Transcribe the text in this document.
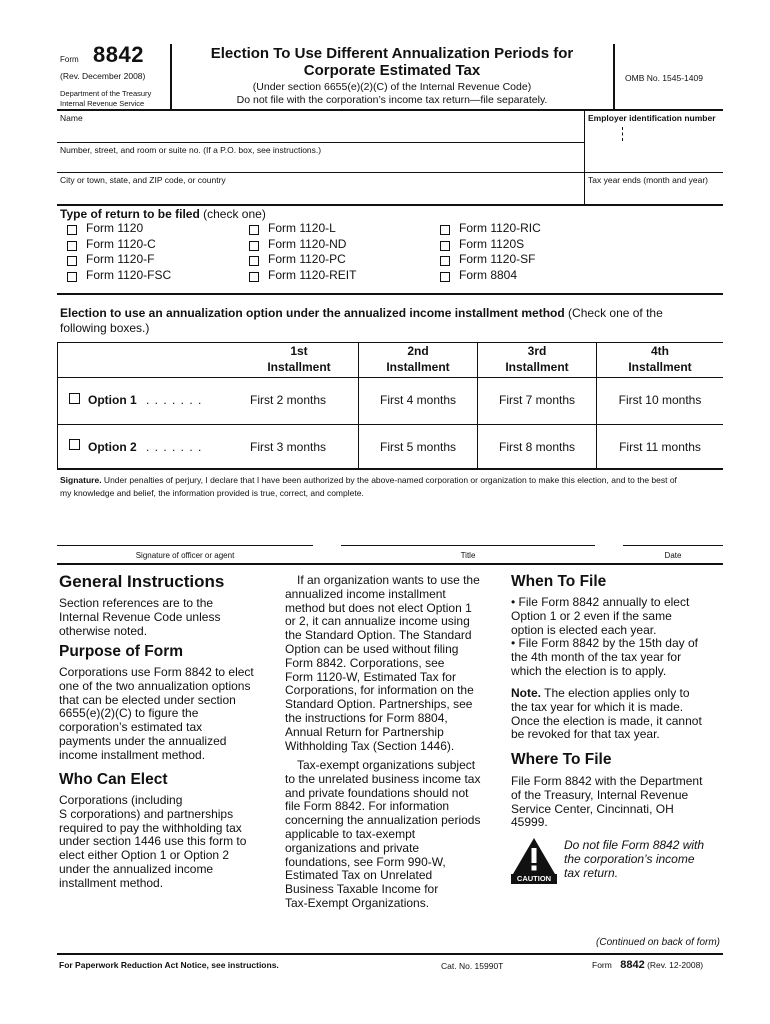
Form 8842
(Rev. December 2008)
Department of the Treasury
Internal Revenue Service
Election To Use Different Annualization Periods for
Corporate Estimated Tax
(Under section 6655(e)(2)(C) of the Internal Revenue Code)
Do not file with the corporation’s income tax return—file separately.
OMB No. 1545-1409
Name	Employer identification number
Number, street, and room or suite no. (If a P.O. box, see instructions.)
City or town, state, and ZIP code, or country	Tax year ends (month and year)
Type of return to be filed (check one)
Form 1120
Form 1120-C
Form 1120-F
Form 1120-FSC
Form 1120-L
Form 1120-ND
Form 1120-PC
Form 1120-REIT
Form 1120-RIC
Form 1120S
Form 1120-SF
Form 8804
Election to use an annualization option under the annualized income installment method (Check one of the
following boxes.)
1st
Installment
2nd
Installment
3rd
Installment
4th
Installment
Option 1 . . . . . . .	First 2 months	First 4 months	First 7 months	First 10 months
Option 2 . . . . . . .	First 3 months	First 5 months	First 8 months	First 11 months
Signature. Under penalties of perjury, I declare that I have been authorized by the above-named corporation or organization to make this election, and to the best of
my knowledge and belief, the information provided is true, correct, and complete.
Signature of officer or agent	Title	Date
General Instructions
Section references are to the
Internal Revenue Code unless
otherwise noted.
Purpose of Form
Corporations use Form 8842 to elect
one of the two annualization options
that can be elected under section
6655(e)(2)(C) to figure the
corporation’s estimated tax
payments under the annualized
income installment method.
Who Can Elect
Corporations (including
S corporations) and partnerships
required to pay the withholding tax
under section 1446 use this form to
elect either Option 1 or Option 2
under the annualized income
installment method.
If an organization wants to use the
annualized income installment
method but does not elect Option 1
or 2, it can annualize income using
the Standard Option. The Standard
Option can be used without filing
Form 8842. Corporations, see
Form 1120-W, Estimated Tax for
Corporations, for information on the
Standard Option. Partnerships, see
the instructions for Form 8804,
Annual Return for Partnership
Withholding Tax (Section 1446).
Tax-exempt organizations subject
to the unrelated business income tax
and private foundations should not
file Form 8842. For information
concerning the annualization periods
applicable to tax-exempt
organizations and private
foundations, see Form 990-W,
Estimated Tax on Unrelated
Business Taxable Income for
Tax-Exempt Organizations.
When To File
• File Form 8842 annually to elect
Option 1 or 2 even if the same
option is elected each year.
• File Form 8842 by the 15th day of
the 4th month of the tax year for
which the election is to apply.
Note. The election applies only to
the tax year for which it is made.
Once the election is made, it cannot
be revoked for that tax year.
Where To File
File Form 8842 with the Department
of the Treasury, Internal Revenue
Service Center, Cincinnati, OH
45999.
CAUTION
Do not file Form 8842 with
the corporation’s income
tax return.
(Continued on back of form)
For Paperwork Reduction Act Notice, see instructions.	Cat. No. 15990T	Form 8842 (Rev. 12-2008)
